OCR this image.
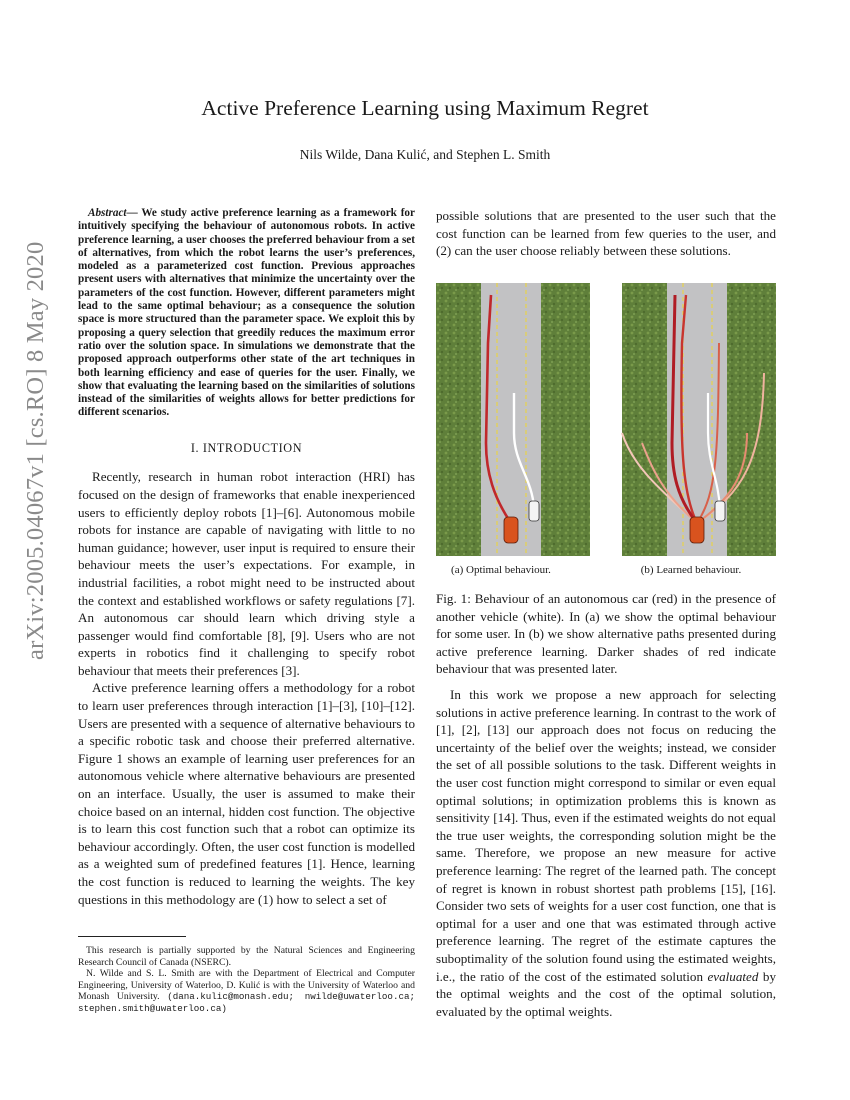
arXiv:2005.04067v1 [cs.RO] 8 May 2020
Active Preference Learning using Maximum Regret
Nils Wilde, Dana Kulić, and Stephen L. Smith

Abstract— We study active preference learning as a framework for intuitively specifying the behaviour of autonomous robots. In active preference learning, a user chooses the preferred behaviour from a set of alternatives, from which the robot learns the user’s preferences, modeled as a parameterized cost function. Previous approaches present users with alternatives that minimize the uncertainty over the parameters of the cost function. However, different parameters might lead to the same optimal behaviour; as a consequence the solution space is more structured than the parameter space. We exploit this by proposing a query selection that greedily reduces the maximum error ratio over the solution space. In simulations we demonstrate that the proposed approach outperforms other state of the art techniques in both learning efficiency and ease of queries for the user. Finally, we show that evaluating the learning based on the similarities of solutions instead of the similarities of weights allows for better predictions for different scenarios.

I. INTRODUCTION

Recently, research in human robot interaction (HRI) has focused on the design of frameworks that enable inexperienced users to efficiently deploy robots [1]–[6]. Autonomous mobile robots for instance are capable of navigating with little to no human guidance; however, user input is required to ensure their behaviour meets the user’s expectations. For example, in industrial facilities, a robot might need to be instructed about the context and established workflows or safety regulations [7]. An autonomous car should learn which driving style a passenger would find comfortable [8], [9]. Users who are not experts in robotics find it challenging to specify robot behaviour that meets their preferences [3].

Active preference learning offers a methodology for a robot to learn user preferences through interaction [1]–[3], [10]–[12]. Users are presented with a sequence of alternative behaviours to a specific robotic task and choose their preferred alternative. Figure 1 shows an example of learning user preferences for an autonomous vehicle where alternative behaviours are presented on an interface. Usually, the user is assumed to make their choice based on an internal, hidden cost function. The objective is to learn this cost function such that a robot can optimize its behaviour accordingly. Often, the user cost function is modelled as a weighted sum of predefined features [1]. Hence, learning the cost function is reduced to learning the weights. The key questions in this methodology are (1) how to select a set of

This research is partially supported by the Natural Sciences and Engineering Research Council of Canada (NSERC).

N. Wilde and S. L. Smith are with the Department of Electrical and Computer Engineering, University of Waterloo, D. Kulić is with the University of Waterloo and Monash University. (dana.kulic@monash.edu; nwilde@uwaterloo.ca; stephen.smith@uwaterloo.ca)

possible solutions that are presented to the user such that the cost function can be learned from few queries to the user, and (2) can the user choose reliably between these solutions.

(a) Optimal behaviour.	(b) Learned behaviour.

Fig. 1: Behaviour of an autonomous car (red) in the presence of another vehicle (white). In (a) we show the optimal behaviour for some user. In (b) we show alternative paths presented during active preference learning. Darker shades of red indicate behaviour that was presented later.

In this work we propose a new approach for selecting solutions in active preference learning. In contrast to the work of [1], [2], [13] our approach does not focus on reducing the uncertainty of the belief over the weights; instead, we consider the set of all possible solutions to the task. Different weights in the user cost function might correspond to similar or even equal optimal solutions; in optimization problems this is known as sensitivity [14]. Thus, even if the estimated weights do not equal the true user weights, the corresponding solution might be the same. Therefore, we propose an new measure for active preference learning: The regret of the learned path. The concept of regret is known in robust shortest path problems [15], [16]. Consider two sets of weights for a user cost function, one that is optimal for a user and one that was estimated through active preference learning. The regret of the estimate captures the suboptimality of the solution found using the estimated weights, i.e., the ratio of the cost of the estimated solution evaluated by the optimal weights and the cost of the optimal solution, evaluated by the optimal weights.
